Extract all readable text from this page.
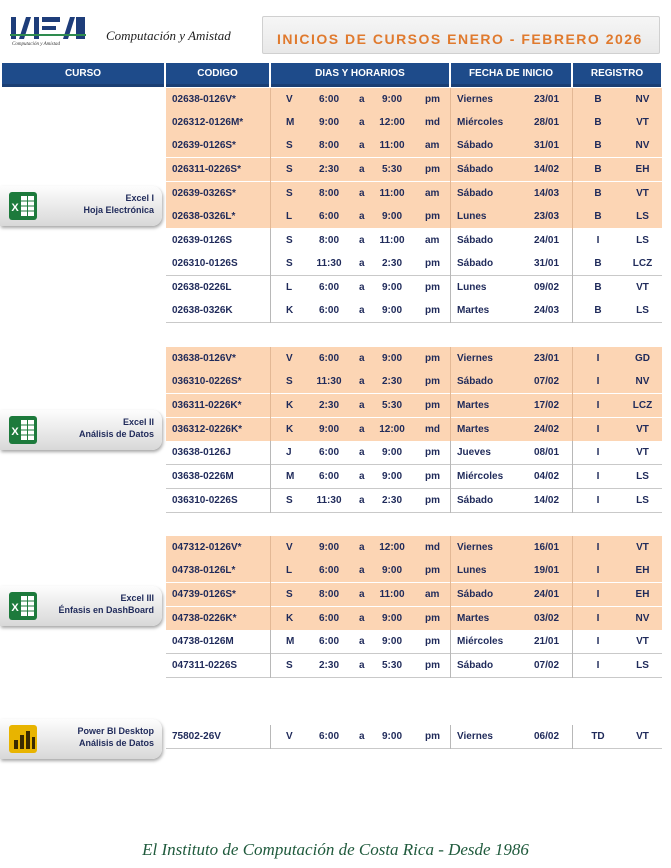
Computación y Amistad
Computación y Amistad	INICIOS DE CURSOS ENERO - FEBRERO 2026
CURSO	CODIGO	DIAS Y HORARIOS	FECHA DE INICIO	REGISTRO
02638-0126V*	V	6:00	a	9:00	pm Viernes	23/01	B	NV
026312-0126M*	M	9:00	a	12:00	md Miércoles	28/01	B	VT
02639-0126S*	S	8:00	a	11:00	am Sábado	31/01	B	NV
026311-0226S*	S	2:30	a	5:30	pm Sábado	14/02	B	EH
02639-0326S*	S	8:00	a	11:00	am Sábado	14/03	B	VT
02638-0326L*	L	6:00	a	9:00	pm Lunes	23/03	B	LS
02639-0126S	S	8:00	a	11:00	am Sábado	24/01	I	LS
026310-0126S	S	11:30	a	2:30	pm Sábado	31/01	B	LCZ
02638-0226L	L	6:00	a	9:00	pm Lunes	09/02	B	VT
02638-0326K	K	6:00	a	9:00	pm Martes	24/03	B	LS
03638-0126V*	V	6:00	a	9:00	pm Viernes	23/01	I	GD
036310-0226S*	S	11:30	a	2:30	pm Sábado	07/02	I	NV
036311-0226K*	K	2:30	a	5:30	pm Martes	17/02	I	LCZ
036312-0226K*	K	9:00	a	12:00	md Martes	24/02	I	VT
03638-0126J	J	6:00	a	9:00	pm Jueves	08/01	I	VT
03638-0226M	M	6:00	a	9:00	pm Miércoles	04/02	I	LS
036310-0226S	S	11:30	a	2:30	pm Sábado	14/02	I	LS
047312-0126V*	V	9:00	a	12:00	md Viernes	16/01	I	VT
04738-0126L*	L	6:00	a	9:00	pm Lunes	19/01	I	EH
04739-0126S*	S	8:00	a	11:00	am Sábado	24/01	I	EH
04738-0226K*	K	6:00	a	9:00	pm Martes	03/02	I	NV
04738-0126M	M	6:00	a	9:00	pm Miércoles	21/01	I	VT
047311-0226S	S	2:30	a	5:30	pm Sábado	07/02	I	LS
75802-26V	V	6:00	a	9:00	pm Viernes	06/02	TD	VT
X
Excel I
Hoja Electrónica
X
Excel II
Análisis de Datos
X
Excel III
Énfasis en DashBoard
Power BI Desktop
Análisis de Datos
El Instituto de Computación de Costa Rica - Desde 1986
